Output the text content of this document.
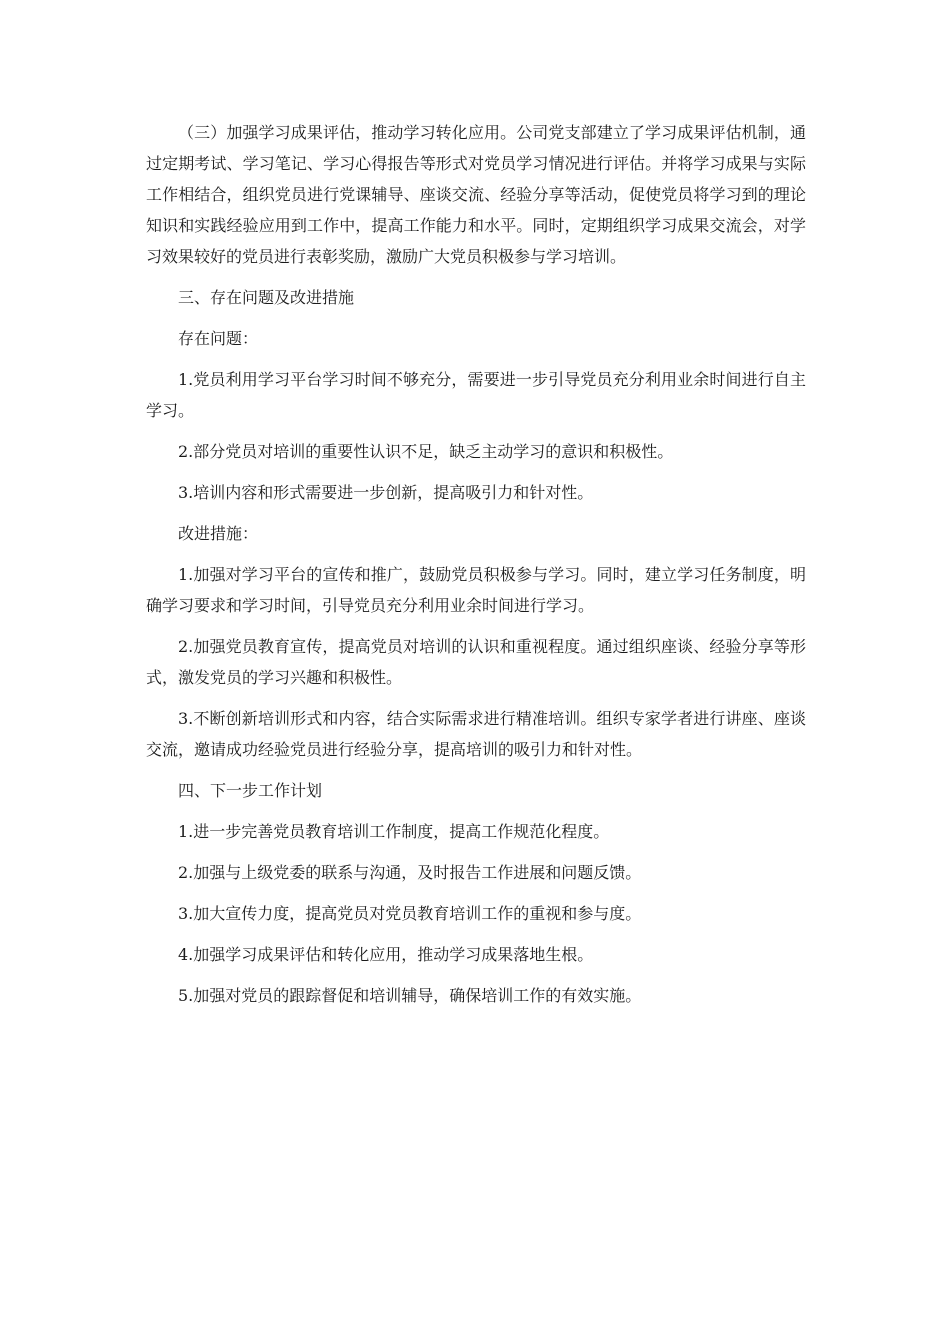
（三）加强学习成果评估，推动学习转化应用。公司党支部建立了学习成果评估机制，通过定期考试、学习笔记、学习心得报告等形式对党员学习情况进行评估。并将学习成果与实际工作相结合，组织党员进行党课辅导、座谈交流、经验分享等活动，促使党员将学习到的理论知识和实践经验应用到工作中，提高工作能力和水平。同时，定期组织学习成果交流会，对学习效果较好的党员进行表彰奖励，激励广大党员积极参与学习培训。

三、存在问题及改进措施

存在问题：

1.党员利用学习平台学习时间不够充分，需要进一步引导党员充分利用业余时间进行自主学习。

2.部分党员对培训的重要性认识不足，缺乏主动学习的意识和积极性。

3.培训内容和形式需要进一步创新，提高吸引力和针对性。

改进措施：

1.加强对学习平台的宣传和推广，鼓励党员积极参与学习。同时，建立学习任务制度，明确学习要求和学习时间，引导党员充分利用业余时间进行学习。

2.加强党员教育宣传，提高党员对培训的认识和重视程度。通过组织座谈、经验分享等形式，激发党员的学习兴趣和积极性。

3.不断创新培训形式和内容，结合实际需求进行精准培训。组织专家学者进行讲座、座谈交流，邀请成功经验党员进行经验分享，提高培训的吸引力和针对性。

四、下一步工作计划

1.进一步完善党员教育培训工作制度，提高工作规范化程度。

2.加强与上级党委的联系与沟通，及时报告工作进展和问题反馈。

3.加大宣传力度，提高党员对党员教育培训工作的重视和参与度。

4.加强学习成果评估和转化应用，推动学习成果落地生根。

5.加强对党员的跟踪督促和培训辅导，确保培训工作的有效实施。
